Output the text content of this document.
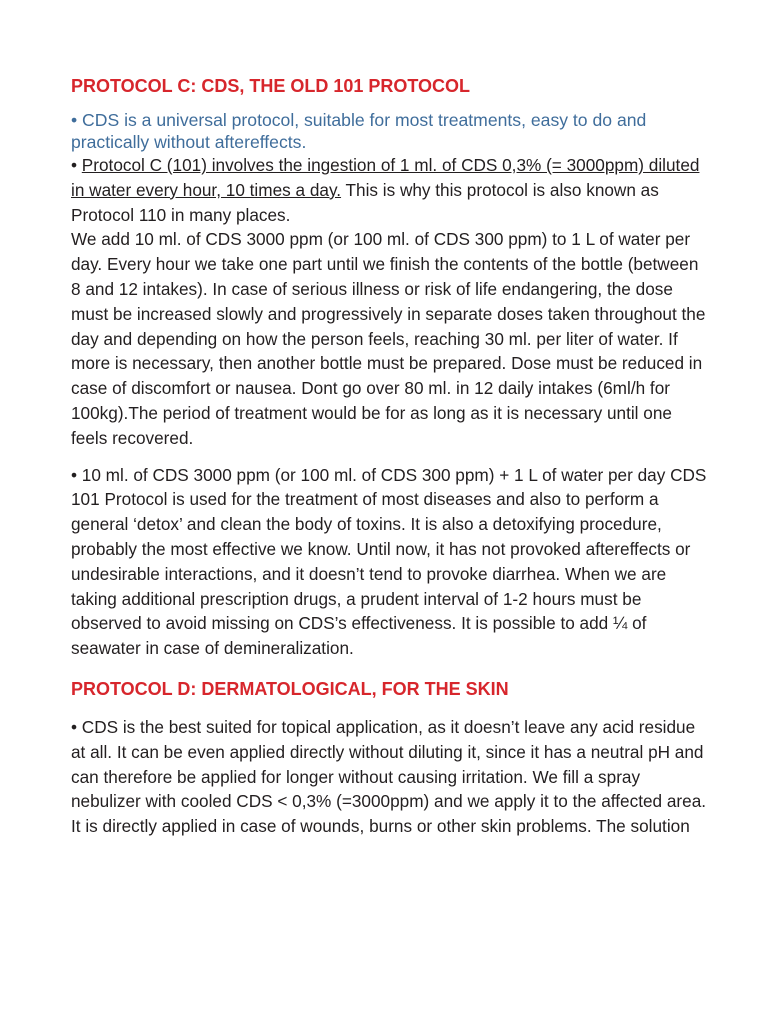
PROTOCOL C: CDS, THE OLD 101 PROTOCOL

• CDS is a universal protocol, suitable for most treatments, easy to do and practically without aftereffects.

• Protocol C (101) involves the ingestion of 1 ml. of CDS 0,3% (= 3000ppm) diluted in water every hour, 10 times a day. This is why this protocol is also known as Protocol 110 in many places.

We add 10 ml. of CDS 3000 ppm (or 100 ml. of CDS 300 ppm) to 1 L of water per day. Every hour we take one part until we finish the contents of the bottle (between 8 and 12 intakes). In case of serious illness or risk of life endangering, the dose must be increased slowly and progressively in separate doses taken throughout the day and depending on how the person feels, reaching 30 ml. per liter of water. If more is necessary, then another bottle must be prepared. Dose must be reduced in case of discomfort or nausea. Dont go over 80 ml. in 12 daily intakes (6ml/h for 100kg).The period of treatment would be for as long as it is necessary until one feels recovered.

• 10 ml. of CDS 3000 ppm (or 100 ml. of CDS 300 ppm) + 1 L of water per day CDS 101 Protocol is used for the treatment of most diseases and also to perform a general ‘detox’ and clean the body of toxins. It is also a detoxifying procedure, probably the most effective we know. Until now, it has not provoked aftereffects or undesirable interactions, and it doesn’t tend to provoke diarrhea. When we are taking additional prescription drugs, a prudent interval of 1-2 hours must be observed to avoid missing on CDS’s effectiveness. It is possible to add ¼ of seawater in case of demineralization.

PROTOCOL D: DERMATOLOGICAL, FOR THE SKIN

• CDS is the best suited for topical application, as it doesn’t leave any acid residue at all. It can be even applied directly without diluting it, since it has a neutral pH and can therefore be applied for longer without causing irritation. We fill a spray nebulizer with cooled CDS < 0,3% (=3000ppm) and we apply it to the affected area. It is directly applied in case of wounds, burns or other skin problems. The solution
